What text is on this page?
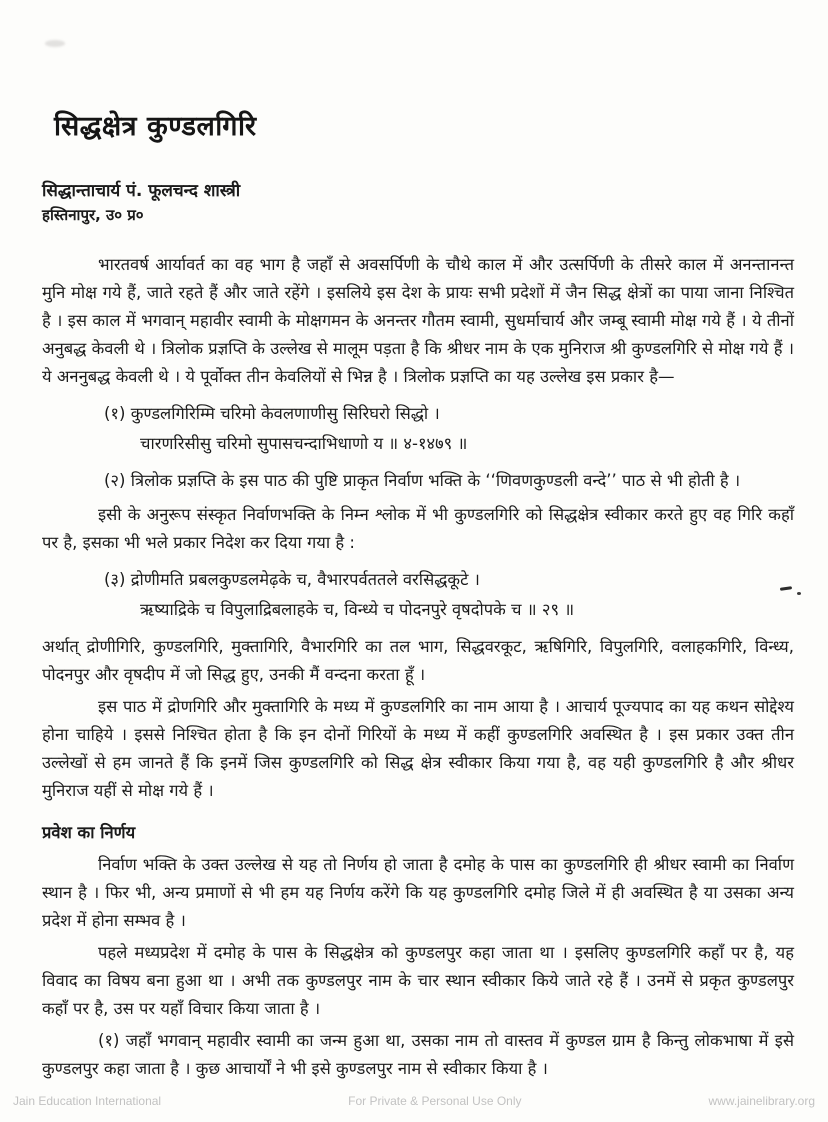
सिद्धक्षेत्र कुण्डलगिरि
सिद्धान्ताचार्य पं. फूलचन्द शास्त्री
हस्तिनापुर, उ० प्र०

भारतवर्ष आर्यावर्त का वह भाग है जहाँ से अवसर्पिणी के चौथे काल में और उत्सर्पिणी के तीसरे काल में अनन्तानन्त मुनि मोक्ष गये हैं, जाते रहते हैं और जाते रहेंगे । इसलिये इस देश के प्रायः सभी प्रदेशों में जैन सिद्ध क्षेत्रों का पाया जाना निश्चित है । इस काल में भगवान् महावीर स्वामी के मोक्षगमन के अनन्तर गौतम स्वामी, सुधर्माचार्य और जम्बू स्वामी मोक्ष गये हैं । ये तीनों अनुबद्ध केवली थे । त्रिलोक प्रज्ञप्ति के उल्लेख से मालूम पड़ता है कि श्रीधर नाम के एक मुनिराज श्री कुण्डलगिरि से मोक्ष गये हैं । ये अननुबद्ध केवली थे । ये पूर्वोक्त तीन केवलियों से भिन्न है । त्रिलोक प्रज्ञप्ति का यह उल्लेख इस प्रकार है—

(१) कुण्डलगिरिम्मि चरिमो केवलणाणीसु सिरिघरो सिद्धो ।
चारणरिसीसु चरिमो सुपासचन्दाभिधाणो य ॥ ४-१४७९ ॥

(२) त्रिलोक प्रज्ञप्ति के इस पाठ की पुष्टि प्राकृत निर्वाण भक्ति के ‘‘णिवणकुण्डली वन्दे’’ पाठ से भी होती है ।

इसी के अनुरूप संस्कृत निर्वाणभक्ति के निम्न श्लोक में भी कुण्डलगिरि को सिद्धक्षेत्र स्वीकार करते हुए वह गिरि कहाँ पर है, इसका भी भले प्रकार निदेश कर दिया गया है :

(३) द्रोणीमति प्रबलकुण्डलमेढ़के च, वैभारपर्वततले वरसिद्धकूटे ।
ऋष्याद्रिके च विपुलाद्रिबलाहके च, विन्ध्ये च पोदनपुरे वृषदोपके च ॥ २९ ॥

अर्थात् द्रोणीगिरि, कुण्डलगिरि, मुक्तागिरि, वैभारगिरि का तल भाग, सिद्धवरकूट, ऋषिगिरि, विपुलगिरि, वलाहकगिरि, विन्ध्य, पोदनपुर और वृषदीप में जो सिद्ध हुए, उनकी मैं वन्दना करता हूँ ।

इस पाठ में द्रोणगिरि और मुक्तागिरि के मध्य में कुण्डलगिरि का नाम आया है । आचार्य पूज्यपाद का यह कथन सोद्देश्य होना चाहिये । इससे निश्चित होता है कि इन दोनों गिरियों के मध्य में कहीं कुण्डलगिरि अवस्थित है । इस प्रकार उक्त तीन उल्लेखों से हम जानते हैं कि इनमें जिस कुण्डलगिरि को सिद्ध क्षेत्र स्वीकार किया गया है, वह यही कुण्डलगिरि है और श्रीधर मुनिराज यहीं से मोक्ष गये हैं ।

प्रवेश का निर्णय

निर्वाण भक्ति के उक्त उल्लेख से यह तो निर्णय हो जाता है दमोह के पास का कुण्डलगिरि ही श्रीधर स्वामी का निर्वाण स्थान है । फिर भी, अन्य प्रमाणों से भी हम यह निर्णय करेंगे कि यह कुण्डलगिरि दमोह जिले में ही अवस्थित है या उसका अन्य प्रदेश में होना सम्भव है ।

पहले मध्यप्रदेश में दमोह के पास के सिद्धक्षेत्र को कुण्डलपुर कहा जाता था । इसलिए कुण्डलगिरि कहाँ पर है, यह विवाद का विषय बना हुआ था । अभी तक कुण्डलपुर नाम के चार स्थान स्वीकार किये जाते रहे हैं । उनमें से प्रकृत कुण्डलपुर कहाँ पर है, उस पर यहाँ विचार किया जाता है ।

(१) जहाँ भगवान् महावीर स्वामी का जन्म हुआ था, उसका नाम तो वास्तव में कुण्डल ग्राम है किन्तु लोकभाषा में इसे कुण्डलपुर कहा जाता है । कुछ आचार्यों ने भी इसे कुण्डलपुर नाम से स्वीकार किया है ।

Jain Education International	For Private & Personal Use Only	www.jainelibrary.org
